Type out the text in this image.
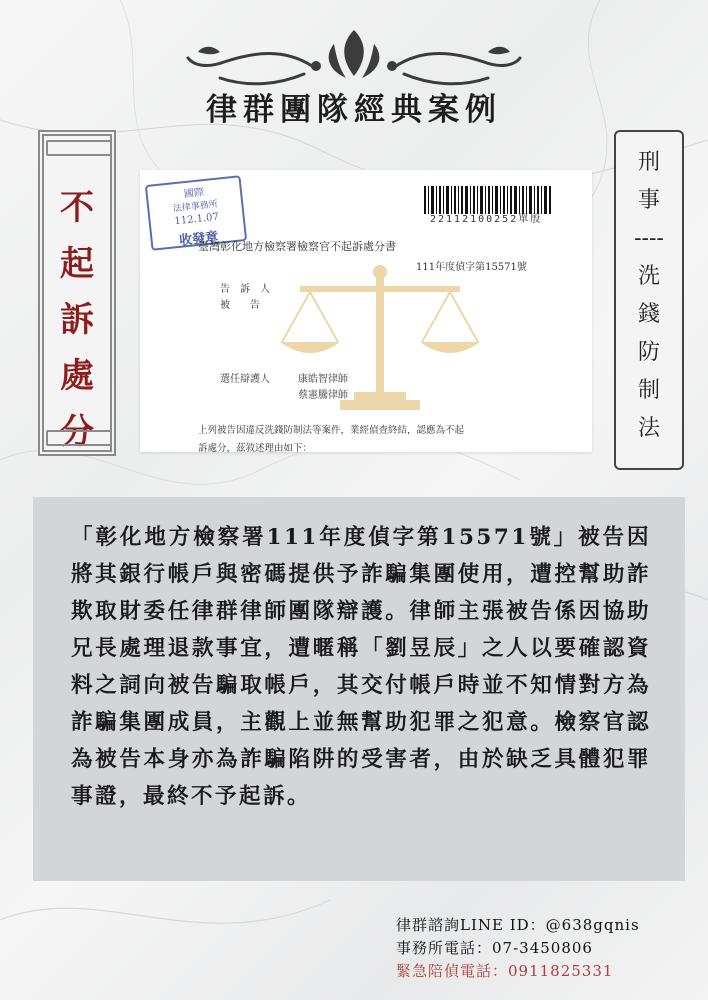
律群團隊經典案例
不
起
訴
處
分
刑
事
----
洗
錢
防
制
法
國際
法律事務所
112.1.07
收發章
22112100252單殷
臺灣彰化地方檢察署檢察官不起訴處分書
111年度偵字第15571號
告訴人
被告
選任辯護人	康皓智律師
蔡憲騰律師
上列被告因違反洗錢防制法等案件，業經偵查終結，認應為不起
訴處分，茲敘述理由如下：

「彰化地方檢察署111年度偵字第15571號」被告因將其銀行帳戶與密碼提供予詐騙集團使用，遭控幫助詐欺取財委任律群律師團隊辯護。律師主張被告係因協助兄長處理退款事宜，遭暱稱「劉昱辰」之人以要確認資料之詞向被告騙取帳戶，其交付帳戶時並不知情對方為詐騙集團成員，主觀上並無幫助犯罪之犯意。檢察官認為被告本身亦為詐騙陷阱的受害者，由於缺乏具體犯罪事證，最終不予起訴。

律群諮詢LINE ID：@638gqnis
事務所電話：07-3450806
緊急陪偵電話：0911825331
